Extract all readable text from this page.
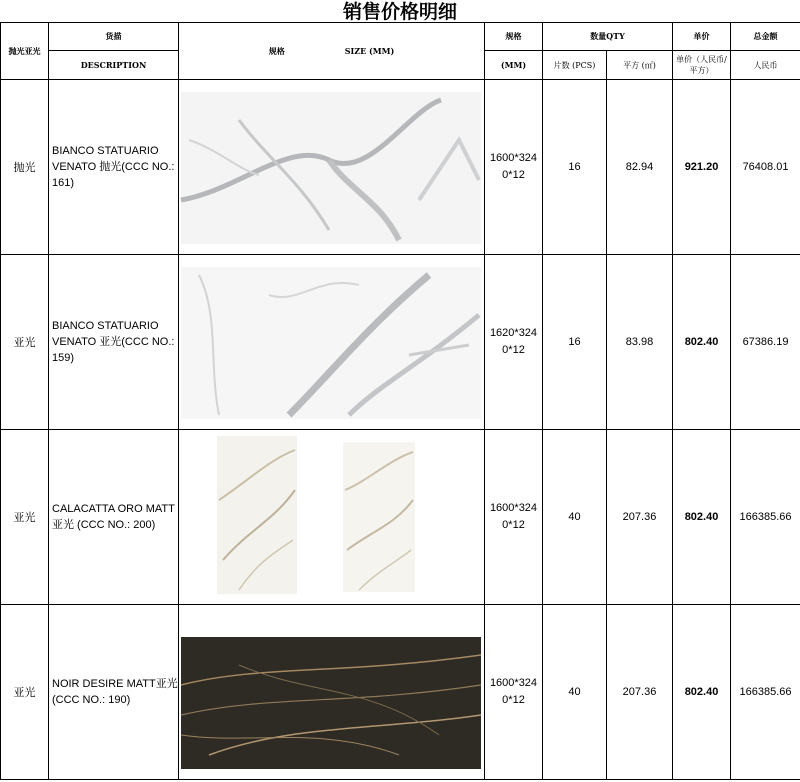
销售价格明细
抛光亚光	货描	规格 SIZE (MM)	规格	数量QTY		单价	总金额
	DESCRIPTION		(MM)	片数 (PCS)	平方 (㎡)	单价（人民币/平方）	人民币
抛光	BIANCO STATUARIO VENATO 抛光(CCC NO.: 161)		1600*3240*12	16	82.94	921.20	76408.01
亚光	BIANCO STATUARIO VENATO 亚光(CCC NO.: 159)		1620*3240*12	16	83.98	802.40	67386.19
亚光	CALACATTA ORO MATT亚光 (CCC NO.: 200)		1600*3240*12	40	207.36	802.40	166385.66
亚光	NOIR DESIRE MATT亚光(CCC NO.: 190)		1600*3240*12	40	207.36	802.40	166385.66
